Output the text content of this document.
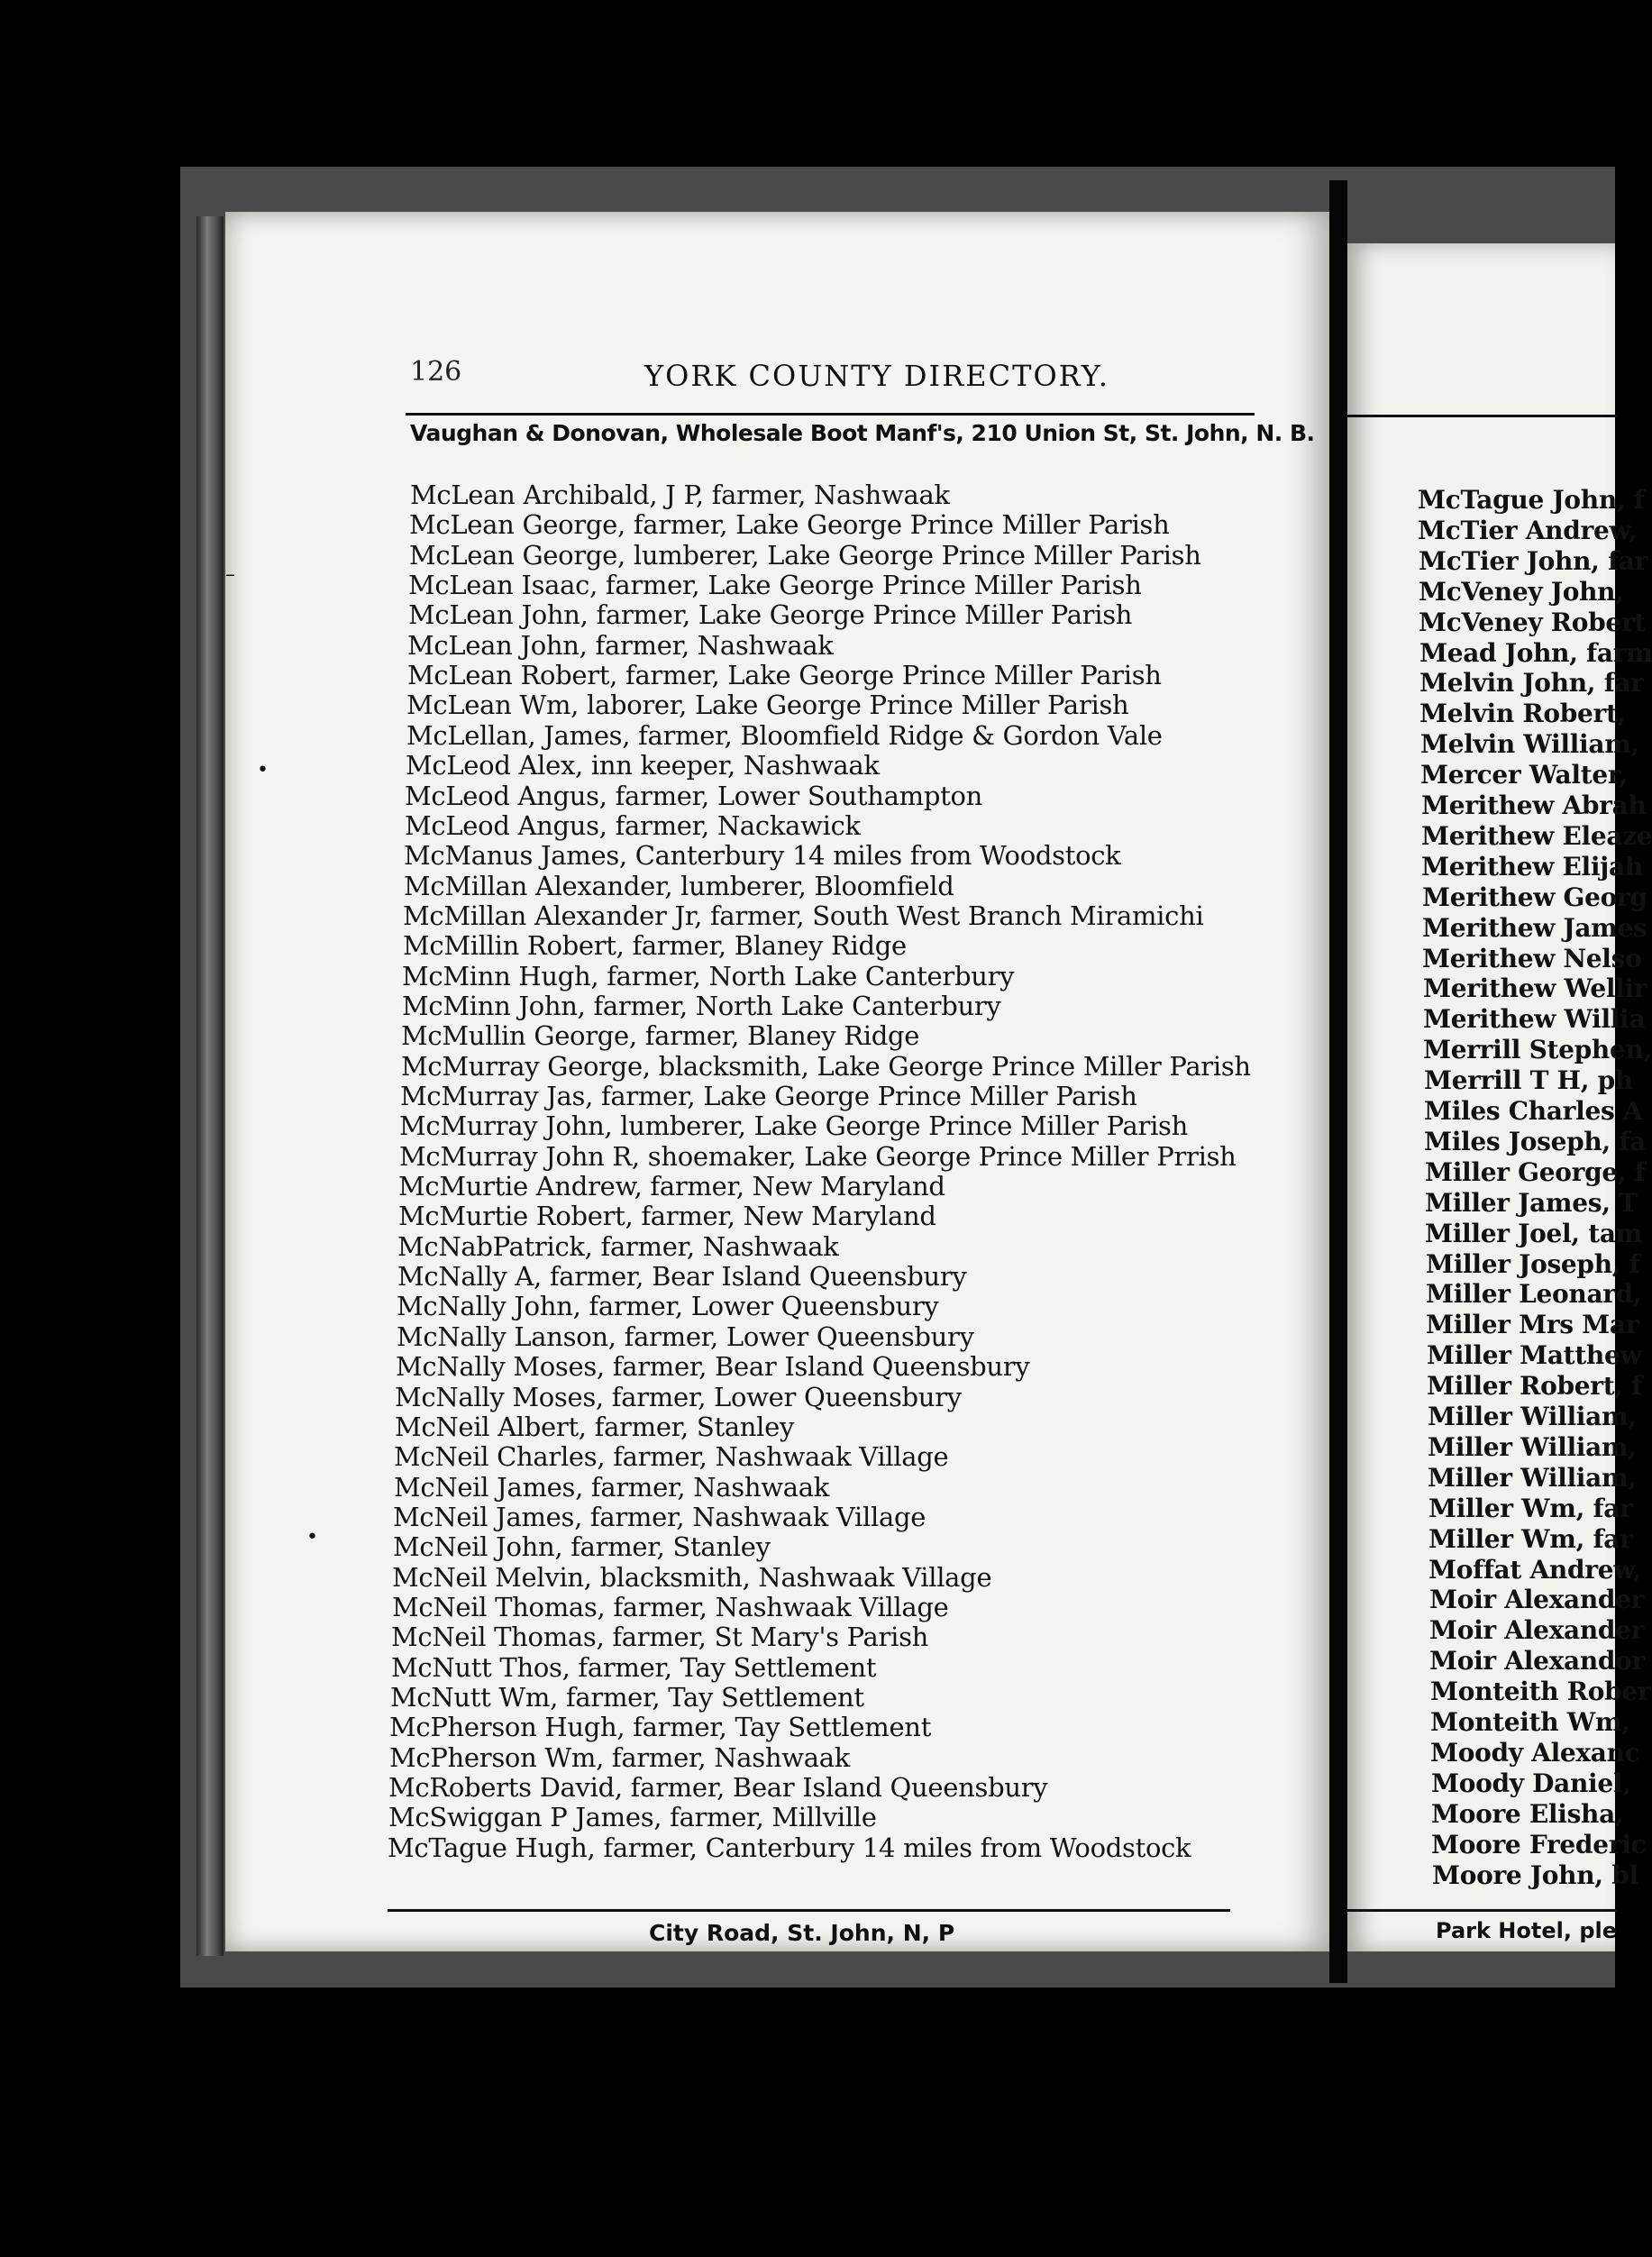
126	YORK COUNTY DIRECTORY.
Vaughan & Donovan, Wholesale Boot Manf's, 210 Union St, St. John, N. B.
McLean Archibald, J P, farmer, Nashwaak
McLean George, farmer, Lake George Prince Miller Parish
McLean George, lumberer, Lake George Prince Miller Parish
McLean Isaac, farmer, Lake George Prince Miller Parish
McLean John, farmer, Lake George Prince Miller Parish
McLean John, farmer, Nashwaak
McLean Robert, farmer, Lake George Prince Miller Parish
McLean Wm, laborer, Lake George Prince Miller Parish
McLellan, James, farmer, Bloomfield Ridge & Gordon Vale
McLeod Alex, inn keeper, Nashwaak
McLeod Angus, farmer, Lower Southampton
McLeod Angus, farmer, Nackawick
McManus James, Canterbury 14 miles from Woodstock
McMillan Alexander, lumberer, Bloomfield
McMillan Alexander Jr, farmer, South West Branch Miramichi
McMillin Robert, farmer, Blaney Ridge
McMinn Hugh, farmer, North Lake Canterbury
McMinn John, farmer, North Lake Canterbury
McMullin George, farmer, Blaney Ridge
McMurray George, blacksmith, Lake George Prince Miller Parish
McMurray Jas, farmer, Lake George Prince Miller Parish
McMurray John, lumberer, Lake George Prince Miller Parish
McMurray John R, shoemaker, Lake George Prince Miller Prrish
McMurtie Andrew, farmer, New Maryland
McMurtie Robert, farmer, New Maryland
McNabPatrick, farmer, Nashwaak
McNally A, farmer, Bear Island Queensbury
McNally John, farmer, Lower Queensbury
McNally Lanson, farmer, Lower Queensbury
McNally Moses, farmer, Bear Island Queensbury
McNally Moses, farmer, Lower Queensbury
McNeil Albert, farmer, Stanley
McNeil Charles, farmer, Nashwaak Village
McNeil James, farmer, Nashwaak
McNeil James, farmer, Nashwaak Village
McNeil John, farmer, Stanley
McNeil Melvin, blacksmith, Nashwaak Village
McNeil Thomas, farmer, Nashwaak Village
McNeil Thomas, farmer, St Mary's Parish
McNutt Thos, farmer, Tay Settlement
McNutt Wm, farmer, Tay Settlement
McPherson Hugh, farmer, Tay Settlement
McPherson Wm, farmer, Nashwaak
McRoberts David, farmer, Bear Island Queensbury
McSwiggan P James, farmer, Millville
McTague Hugh, farmer, Canterbury 14 miles from Woodstock
City Road, St. John, N, P
–
•
•
McTague John, f
McTier Andrew,
McTier John, far
McVeney John,
McVeney Robert
Mead John, farm
Melvin John, far
Melvin Robert,
Melvin William,
Mercer Walter,
Merithew Abrah
Merithew Eleaze
Merithew Elijah
Merithew Georg
Merithew James
Merithew Nelso
Merithew Wellir
Merithew Willia
Merrill Stephen,
Merrill T H, ph
Miles Charles A
Miles Joseph, fa
Miller George, f
Miller James, T
Miller Joel, tam
Miller Joseph, f
Miller Leonard,
Miller Mrs Mar
Miller Matthew
Miller Robert, f
Miller William,
Miller William,
Miller William,
Miller Wm, far
Miller Wm, far
Moffat Andrew,
Moir Alexander
Moir Alexander
Moir Alexandor
Monteith Rober
Monteith Wm,
Moody Alexanc
Moody Daniel,
Moore Elisha,
Moore Frederic
Moore John, bl
Park Hotel, ple
